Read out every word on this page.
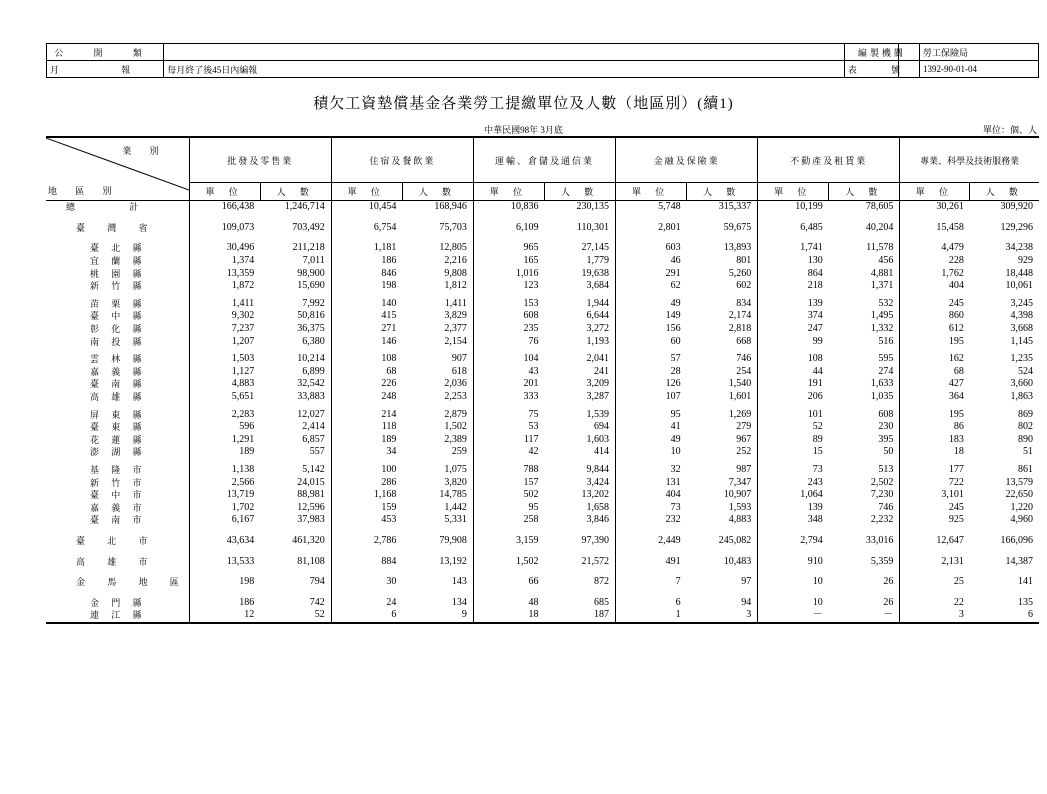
公 開 類	
月 報	每月終了後45日內編報
編製機關	勞工保險局
表 號	1392-90-01-04
積欠工資墊償基金各業勞工提繳單位及人數（地區別）(續1)
中華民國98年 3月底	單位：個、人
業 別
地 區 別	批發及零售業		住宿及餐飲業		運輸、倉儲及通信業		金融及保險業		不動產及租賃業		專業、科學及技術服務業	
	單 位	人 數	單 位	人 數	單 位	人 數	單 位	人 數	單 位	人 數	單 位	人 數
總 計	166,438	1,246,714	10,454	168,946	10,836	230,135	5,748	315,337	10,199	78,605	30,261	309,920
臺 灣 省	109,073	703,492	6,754	75,703	6,109	110,301	2,801	59,675	6,485	40,204	15,458	129,296
臺 北 縣	30,496	211,218	1,181	12,805	965	27,145	603	13,893	1,741	11,578	4,479	34,238
宜 蘭 縣	1,374	7,011	186	2,216	165	1,779	46	801	130	456	228	929
桃 園 縣	13,359	98,900	846	9,808	1,016	19,638	291	5,260	864	4,881	1,762	18,448
新 竹 縣	1,872	15,690	198	1,812	123	3,684	62	602	218	1,371	404	10,061
苗 栗 縣	1,411	7,992	140	1,411	153	1,944	49	834	139	532	245	3,245
臺 中 縣	9,302	50,816	415	3,829	608	6,644	149	2,174	374	1,495	860	4,398
彰 化 縣	7,237	36,375	271	2,377	235	3,272	156	2,818	247	1,332	612	3,668
南 投 縣	1,207	6,380	146	2,154	76	1,193	60	668	99	516	195	1,145
雲 林 縣	1,503	10,214	108	907	104	2,041	57	746	108	595	162	1,235
嘉 義 縣	1,127	6,899	68	618	43	241	28	254	44	274	68	524
臺 南 縣	4,883	32,542	226	2,036	201	3,209	126	1,540	191	1,633	427	3,660
高 雄 縣	5,651	33,883	248	2,253	333	3,287	107	1,601	206	1,035	364	1,863
屏 東 縣	2,283	12,027	214	2,879	75	1,539	95	1,269	101	608	195	869
臺 東 縣	596	2,414	118	1,502	53	694	41	279	52	230	86	802
花 蓮 縣	1,291	6,857	189	2,389	117	1,603	49	967	89	395	183	890
澎 湖 縣	189	557	34	259	42	414	10	252	15	50	18	51
基 隆 市	1,138	5,142	100	1,075	788	9,844	32	987	73	513	177	861
新 竹 市	2,566	24,015	286	3,820	157	3,424	131	7,347	243	2,502	722	13,579
臺 中 市	13,719	88,981	1,168	14,785	502	13,202	404	10,907	1,064	7,230	3,101	22,650
嘉 義 市	1,702	12,596	159	1,442	95	1,658	73	1,593	139	746	245	1,220
臺 南 市	6,167	37,983	453	5,331	258	3,846	232	4,883	348	2,232	925	4,960
臺 北 市	43,634	461,320	2,786	79,908	3,159	97,390	2,449	245,082	2,794	33,016	12,647	166,096
高 雄 市	13,533	81,108	884	13,192	1,502	21,572	491	10,483	910	5,359	2,131	14,387
金 馬 地 區	198	794	30	143	66	872	7	97	10	26	25	141
金 門 縣	186	742	24	134	48	685	6	94	10	26	22	135
連 江 縣	12	52	6	9	18	187	1	3	－	－	3	6
